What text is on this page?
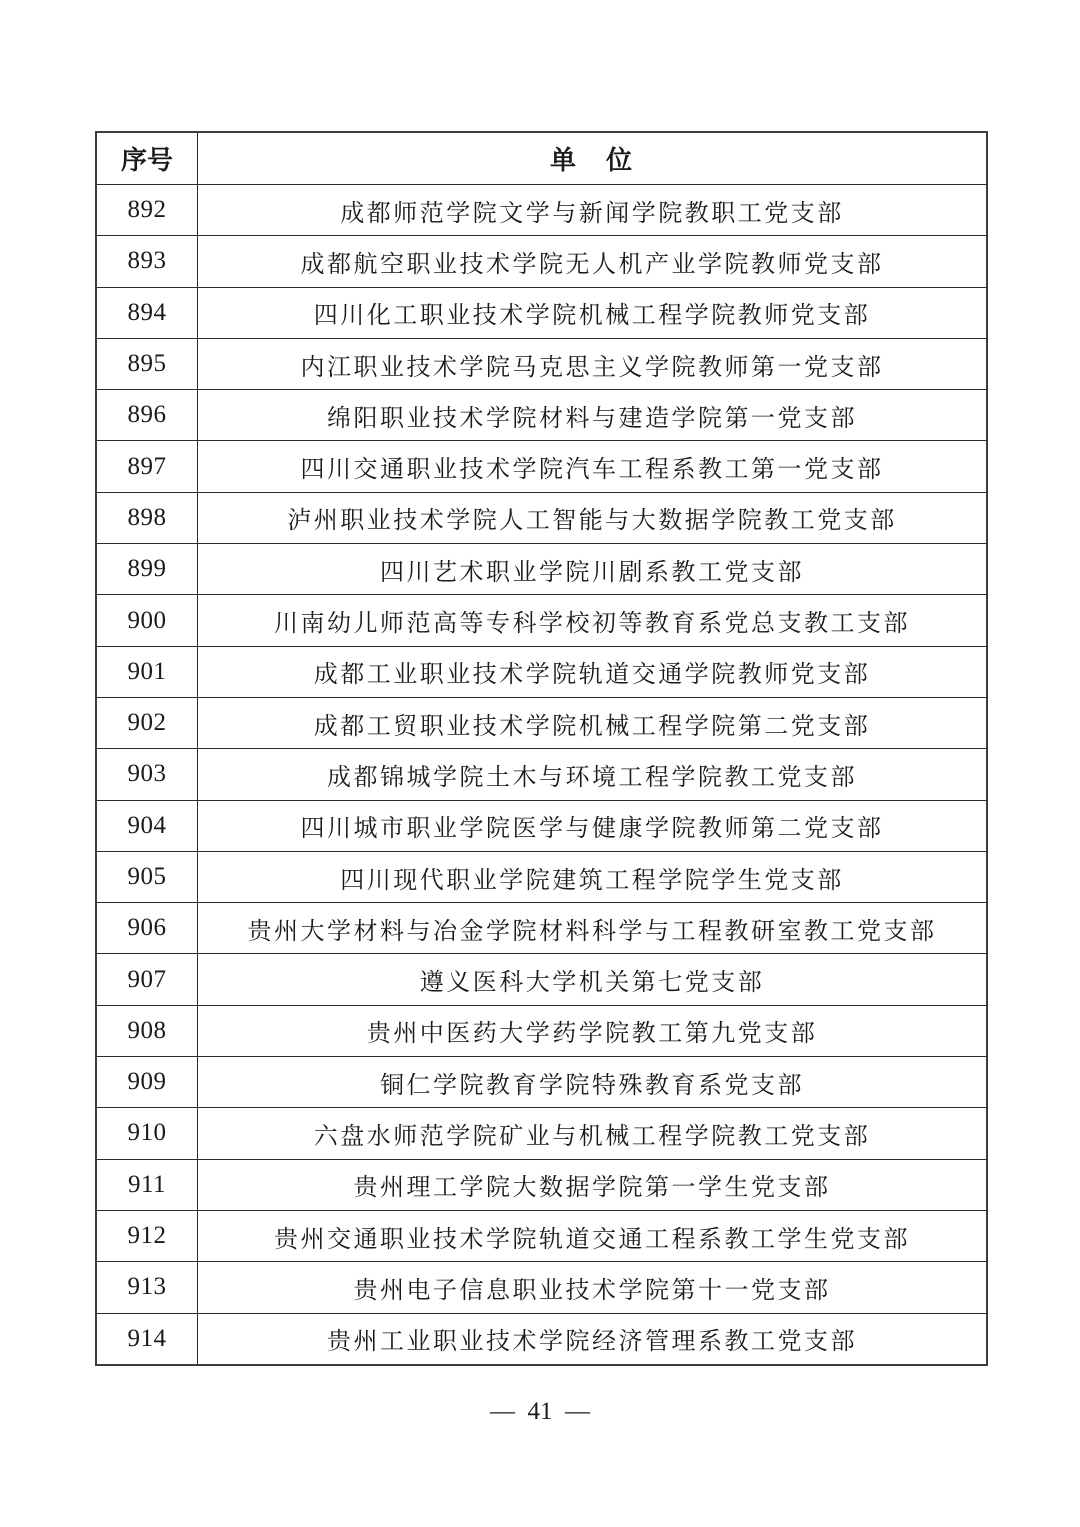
序号	单　位
892	成都师范学院文学与新闻学院教职工党支部
893	成都航空职业技术学院无人机产业学院教师党支部
894	四川化工职业技术学院机械工程学院教师党支部
895	内江职业技术学院马克思主义学院教师第一党支部
896	绵阳职业技术学院材料与建造学院第一党支部
897	四川交通职业技术学院汽车工程系教工第一党支部
898	泸州职业技术学院人工智能与大数据学院教工党支部
899	四川艺术职业学院川剧系教工党支部
900	川南幼儿师范高等专科学校初等教育系党总支教工支部
901	成都工业职业技术学院轨道交通学院教师党支部
902	成都工贸职业技术学院机械工程学院第二党支部
903	成都锦城学院土木与环境工程学院教工党支部
904	四川城市职业学院医学与健康学院教师第二党支部
905	四川现代职业学院建筑工程学院学生党支部
906	贵州大学材料与冶金学院材料科学与工程教研室教工党支部
907	遵义医科大学机关第七党支部
908	贵州中医药大学药学院教工第九党支部
909	铜仁学院教育学院特殊教育系党支部
910	六盘水师范学院矿业与机械工程学院教工党支部
911	贵州理工学院大数据学院第一学生党支部
912	贵州交通职业技术学院轨道交通工程系教工学生党支部
913	贵州电子信息职业技术学院第十一党支部
914	贵州工业职业技术学院经济管理系教工党支部
—  41  —
